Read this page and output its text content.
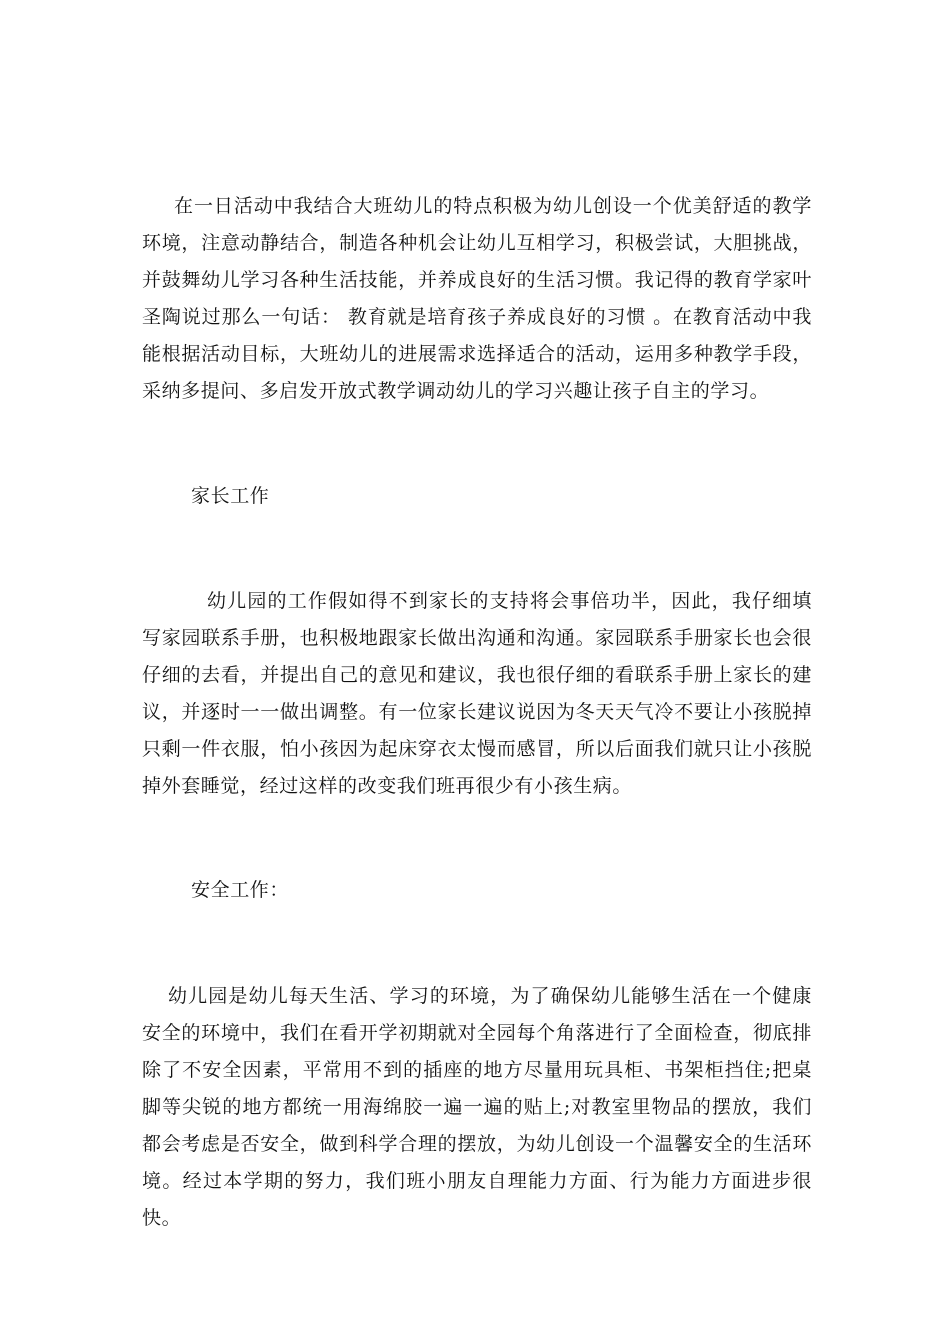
在一日活动中我结合大班幼儿的特点积极为幼儿创设一个优美舒适的教学环境，注意动静结合，制造各种机会让幼儿互相学习，积极尝试，大胆挑战，并鼓舞幼儿学习各种生活技能，并养成良好的生活习惯。我记得的教育学家叶圣陶说过那么一句话： 教育就是培育孩子养成良好的习惯 。在教育活动中我能根据活动目标，大班幼儿的进展需求选择适合的活动，运用多种教学手段，采纳多提问、多启发开放式教学调动幼儿的学习兴趣让孩子自主的学习。

家长工作

幼儿园的工作假如得不到家长的支持将会事倍功半，因此，我仔细填写家园联系手册，也积极地跟家长做出沟通和沟通。家园联系手册家长也会很仔细的去看，并提出自己的意见和建议，我也很仔细的看联系手册上家长的建议，并逐时一一做出调整。有一位家长建议说因为冬天天气冷不要让小孩脱掉只剩一件衣服，怕小孩因为起床穿衣太慢而感冒，所以后面我们就只让小孩脱掉外套睡觉，经过这样的改变我们班再很少有小孩生病。

安全工作：

幼儿园是幼儿每天生活、学习的环境，为了确保幼儿能够生活在一个健康安全的环境中，我们在看开学初期就对全园每个角落进行了全面检查，彻底排除了不安全因素，平常用不到的插座的地方尽量用玩具柜、书架柜挡住;把桌脚等尖锐的地方都统一用海绵胶一遍一遍的贴上;对教室里物品的摆放，我们都会考虑是否安全，做到科学合理的摆放，为幼儿创设一个温馨安全的生活环境。经过本学期的努力，我们班小朋友自理能力方面、行为能力方面进步很快。
